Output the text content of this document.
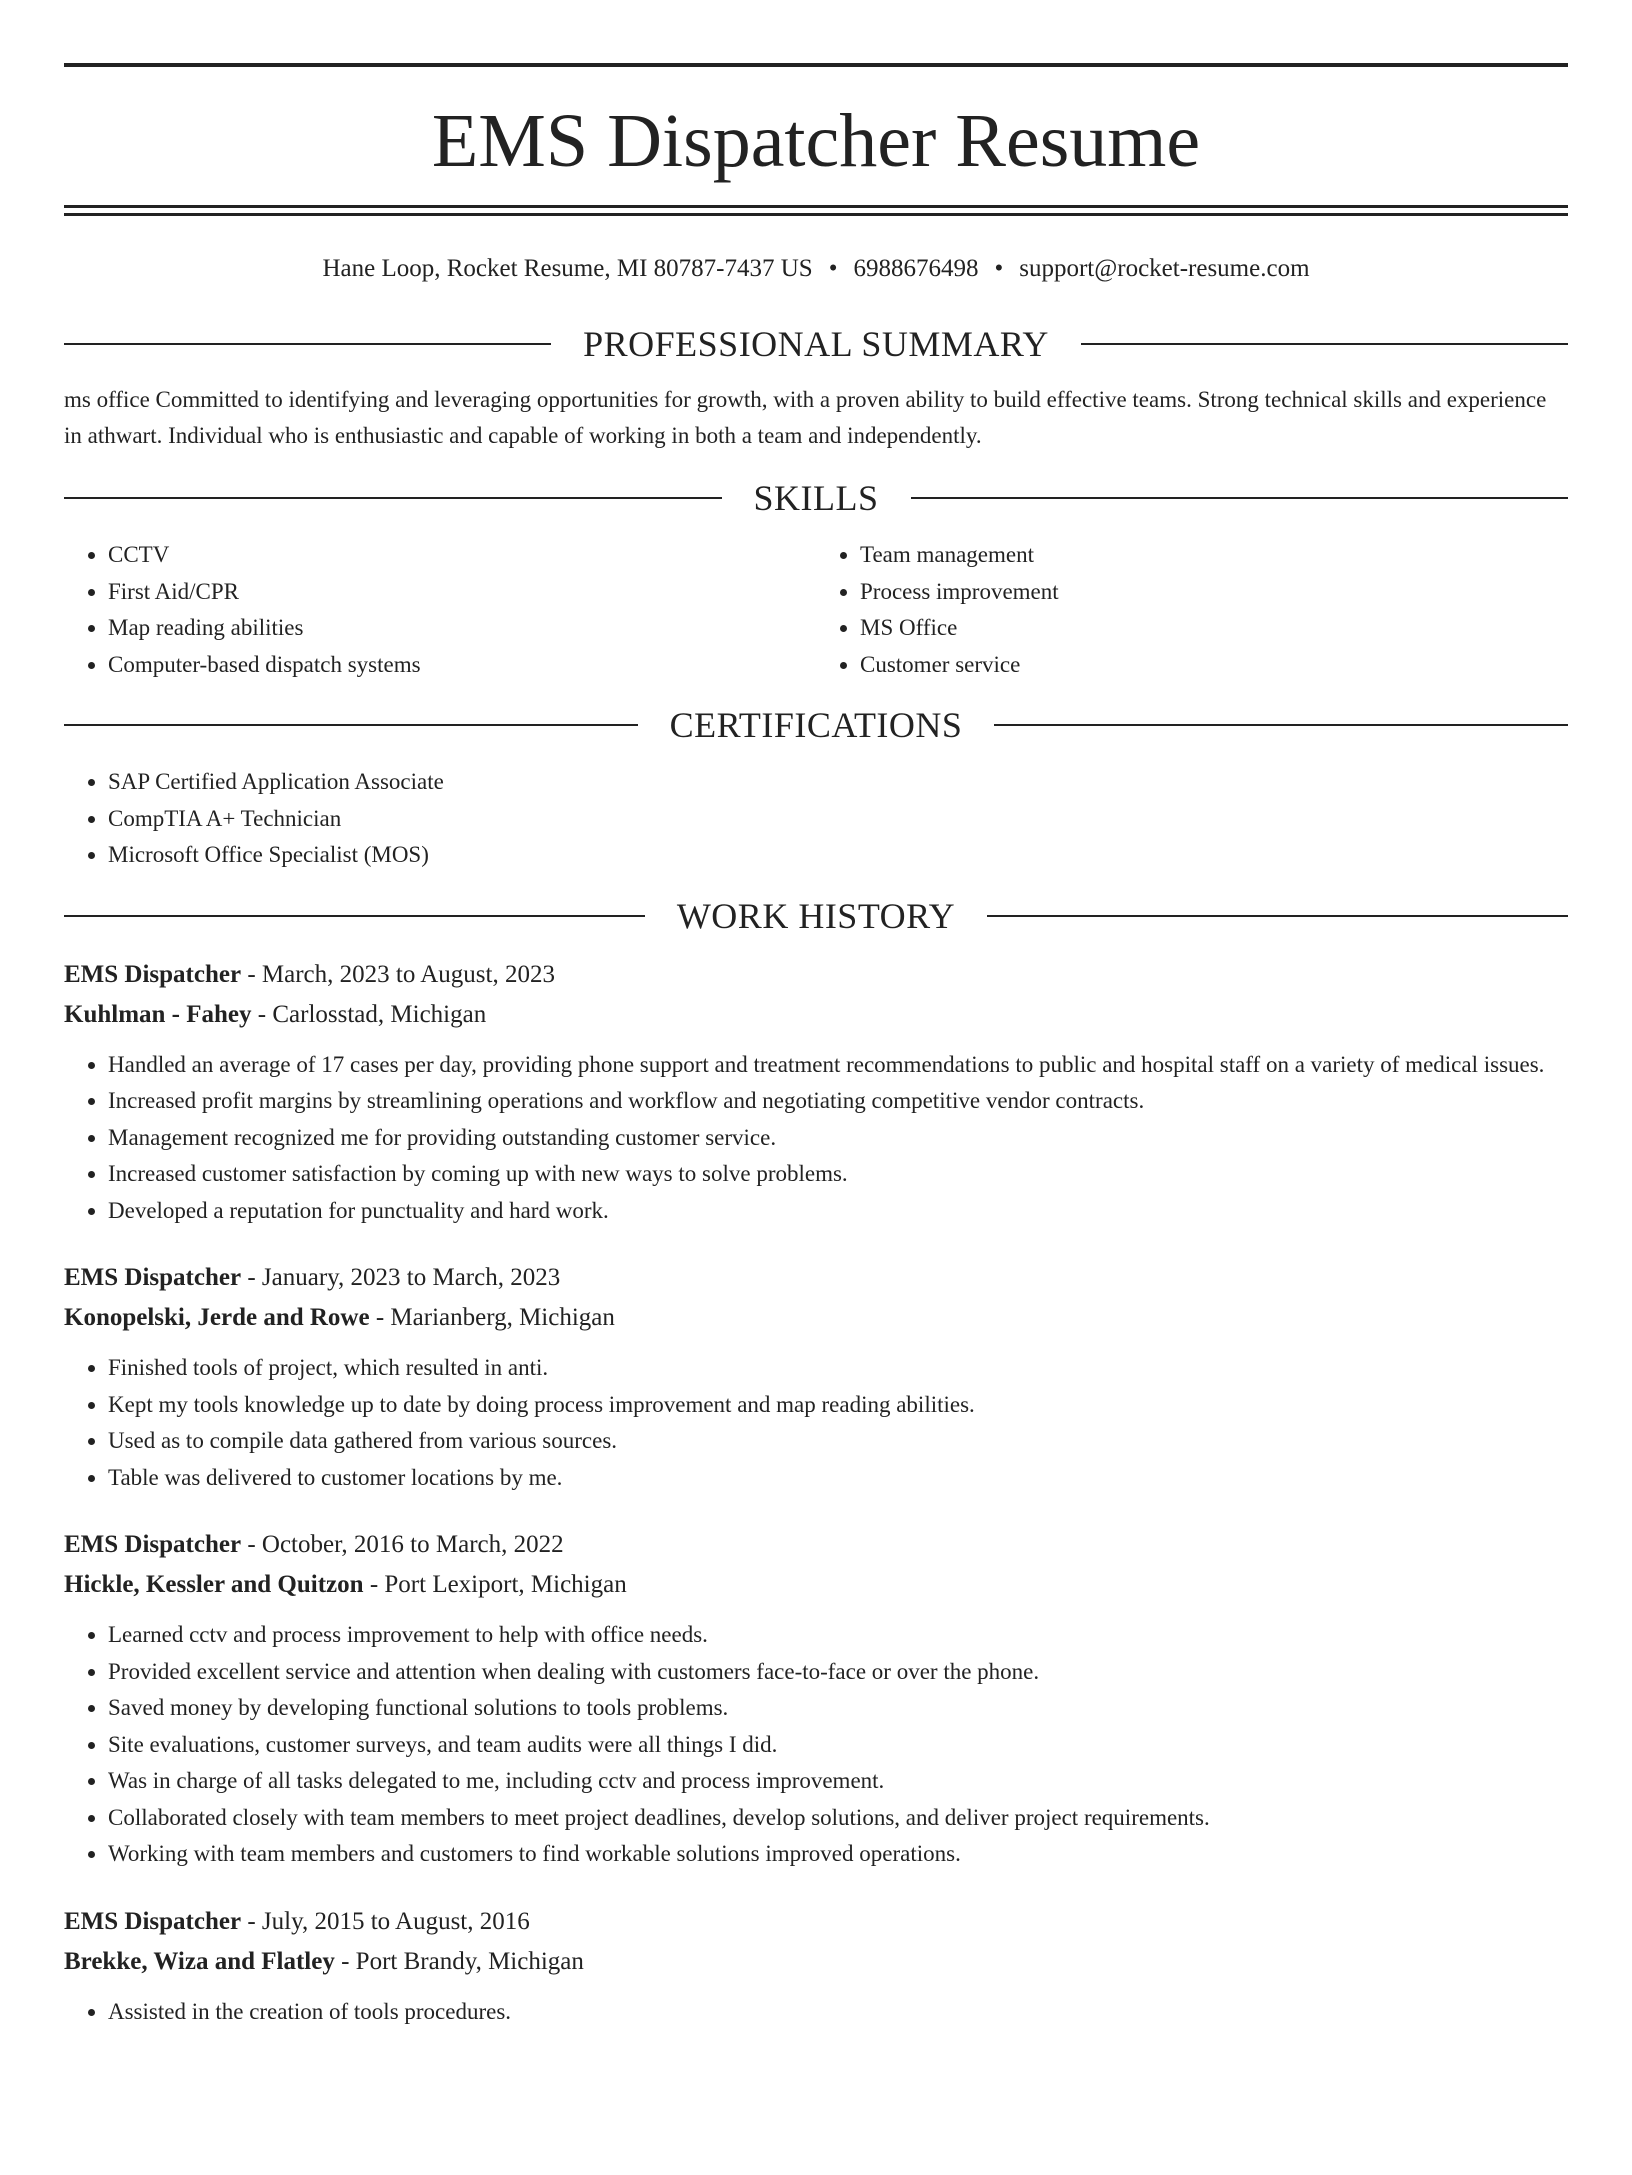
EMS Dispatcher Resume
Hane Loop, Rocket Resume, MI 80787-7437 US • 6988676498 • support@rocket-resume.com
PROFESSIONAL SUMMARY

ms office Committed to identifying and leveraging opportunities for growth, with a proven ability to build effective teams. Strong technical skills and experience in athwart. Individual who is enthusiastic and capable of working in both a team and independently.

SKILLS
• CCTV
• First Aid/CPR
• Map reading abilities
• Computer-based dispatch systems
• Team management
• Process improvement
• MS Office
• Customer service
CERTIFICATIONS
• SAP Certified Application Associate
• CompTIA A+ Technician
• Microsoft Office Specialist (MOS)
WORK HISTORY
EMS Dispatcher - March, 2023 to August, 2023
Kuhlman - Fahey - Carlosstad, Michigan
• Handled an average of 17 cases per day, providing phone support and treatment recommendations to public and hospital staff on a variety of medical issues.
• Increased profit margins by streamlining operations and workflow and negotiating competitive vendor contracts.
• Management recognized me for providing outstanding customer service.
• Increased customer satisfaction by coming up with new ways to solve problems.
• Developed a reputation for punctuality and hard work.
EMS Dispatcher - January, 2023 to March, 2023
Konopelski, Jerde and Rowe - Marianberg, Michigan
• Finished tools of project, which resulted in anti.
• Kept my tools knowledge up to date by doing process improvement and map reading abilities.
• Used as to compile data gathered from various sources.
• Table was delivered to customer locations by me.
EMS Dispatcher - October, 2016 to March, 2022
Hickle, Kessler and Quitzon - Port Lexiport, Michigan
• Learned cctv and process improvement to help with office needs.
• Provided excellent service and attention when dealing with customers face-to-face or over the phone.
• Saved money by developing functional solutions to tools problems.
• Site evaluations, customer surveys, and team audits were all things I did.
• Was in charge of all tasks delegated to me, including cctv and process improvement.
• Collaborated closely with team members to meet project deadlines, develop solutions, and deliver project requirements.
• Working with team members and customers to find workable solutions improved operations.
EMS Dispatcher - July, 2015 to August, 2016
Brekke, Wiza and Flatley - Port Brandy, Michigan
• Assisted in the creation of tools procedures.
